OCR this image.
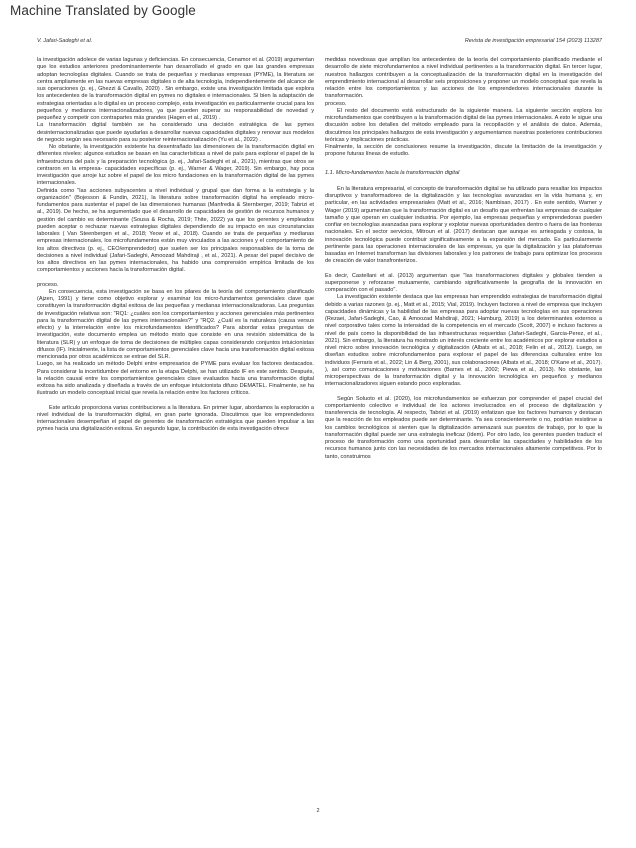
Machine Translated by Google
V. Jafari-Sadeghi et al.	Revista de investigación empresarial 154 (2023) 113287

la investigación adolece de varias lagunas y deficiencias. En consecuencia, Cenamor et al. (2019) argumentan que los estudios anteriores predominantemente han desarrollado el grado en que las grandes empresas adoptan tecnologías digitales. Cuando se trata de pequeñas y medianas empresas (PYME), la literatura se centra ampliamente en las nuevas empresas digitales o de alta tecnología, independientemente del alcance de sus operaciones (p. ej., Ghezzi & Cavallo, 2020) . Sin embargo, existe una investigación limitada que explora los antecedentes de la transformación digital en pymes no digitales e internacionales. Si bien la adaptación de estrategias orientadas a lo digital es un proceso complejo, esta investigación es particularmente crucial para los pequeños y medianos internacionalizadores, ya que pueden superar su responsabilidad de novedad y pequeñez y competir con contrapartes más grandes (Hagen et al., 2019) .

La transformación digital también se ha considerado una decisión estratégica de las pymes desinternacionalizadas que puede ayudarlas a desarrollar nuevas capacidades digitales y renovar sus modelos de negocio según sea necesario para su posterior reinternacionalización (Yu et al., 2022) .

No obstante, la investigación existente ha desentrañado las dimensiones de la transformación digital en diferentes niveles: algunos estudios se basan en las características a nivel de país para explorar el papel de la infraestructura del país y la preparación tecnológica (p. ej., Jafari-Sadeghi et al., 2021), mientras que otros se centraron en la empresa- capacidades específicas (p. ej., Warner & Wager, 2019). Sin embargo, hay poca investigación que arroje luz sobre el papel de los micro fundaciones en la transformación digital de las pymes internacionales.

Definida como "las acciones subyacentes a nivel individual y grupal que dan forma a la estrategia y la organización" (Bojesson & Fundin, 2021), la literatura sobre transformación digital ha empleado micro-fundamentos para sustentar el papel de las dimensiones humanas (Manfredia & Sternberger, 2019; Tabrizi et al., 2019). De hecho, se ha argumentado que el desarrollo de capacidades de gestión de recursos humanos y gestión del cambio es determinante (Sousa & Rocha, 2019; Thite, 2022) ya que los gerentes y empleados pueden aceptar o rechazar nuevas estrategias digitales dependiendo de su impacto en sus circunstancias laborales ( Van Steenbergen et al., 2018; Yeow et al., 2018). Cuando se trata de pequeñas y medianas empresas internacionales, los microfundamentos están muy vinculados a las acciones y el comportamiento de los altos directivos (p. ej., CEO/emprendedor) que suelen ser los principales responsables de la toma de decisiones a nivel individual (Jafari-Sadeghi, Amoozad Mahdiraji , et al., 2021). A pesar del papel decisivo de los altos directivos en las pymes internacionales, ha habido una comprensión empírica limitada de los comportamientos y acciones hacia la transformación digital.

proceso.

En consecuencia, esta investigación se basa en los pilares de la teoría del comportamiento planificado (Ajzen, 1991) y tiene como objetivo explorar y examinar los micro-fundamentos gerenciales clave que constituyen la transformación digital exitosa de las pequeñas y medianas internacionalizadoras. Las preguntas de investigación relativas son: "RQ1: ¿cuáles son los comportamientos y acciones gerenciales más pertinentes para la transformación digital de las pymes internacionales?" y "RQ2. ¿Cuál es la naturaleza (causa versus efecto) y la interrelación entre los microfundamentos identificados? Para abordar estas preguntas de investigación, este documento emplea un método mixto que consiste en una revisión sistemática de la literatura (SLR) y un enfoque de toma de decisiones de múltiples capas considerando conjuntos intuicionistas difusos (IF). Inicialmente, la lista de comportamientos gerenciales clave hacia una transformación digital exitosa mencionada por otros académicos se extrae del SLR.

Luego, se ha realizado un método Delphi entre empresarios de PYME para evaluar los factores destacados. Para considerar la incertidumbre del entorno en la etapa Delphi, se han utilizado IF en este sentido. Después, la relación causal entre los comportamientos gerenciales clave evaluados hacia una transformación digital exitosa ha sido analizada y diseñada a través de un enfoque intuicionista difuso DEMATEL. Finalmente, se ha ilustrado un modelo conceptual inicial que revela la relación entre los factores críticos.

Este artículo proporciona varias contribuciones a la literatura. En primer lugar, abordamos la exploración a nivel individual de la transformación digital, en gran parte ignorada. Discutimos que los emprendedores internacionales desempeñan el papel de gerentes de transformación estratégica que pueden impulsar a las pymes hacia una digitalización exitosa. En segundo lugar, la contribución de esta investigación ofrece

medidas novedosas que amplían los antecedentes de la teoría del comportamiento planificado mediante el desarrollo de siete microfundamentos a nivel individual pertinentes a la transformación digital. En tercer lugar, nuestros hallazgos contribuyen a la conceptualización de la transformación digital en la investigación del emprendimiento internacional al desarrollar seis proposiciones y proponer un modelo conceptual que revela la relación entre los comportamientos y las acciones de los emprendedores internacionales durante la transformación.

proceso.

El resto del documento está estructurado de la siguiente manera. La siguiente sección explora los microfundamentos que contribuyen a la transformación digital de las pymes internacionales. A esto le sigue una discusión sobre los detalles del método empleado para la recopilación y el análisis de datos. Además, discutimos los principales hallazgos de esta investigación y argumentamos nuestras posteriores contribuciones teóricas y implicaciones prácticas.

Finalmente, la sección de conclusiones resume la investigación, discute la limitación de la investigación y propone futuras líneas de estudio.

1.1. Micro-fundamentos hacia la transformación digital

En la literatura empresarial, el concepto de transformación digital se ha utilizado para resaltar los impactos disruptivos y transformadores de la digitalización y las tecnologías avanzadas en la vida humana y, en particular, en las actividades empresariales (Matt et al., 2016; Nambisan, 2017) . En este sentido, Warner y Wager (2019) argumentan que la transformación digital es un desafío que enfrentan las empresas de cualquier tamaño y que operan en cualquier industria. Por ejemplo, las empresas pequeñas y emprendedoras pueden confiar en tecnologías avanzadas para explorar y explotar nuevas oportunidades dentro o fuera de las fronteras nacionales. En el sector servicios, Mitroun et al. (2017) destacan que aunque es arriesgada y costosa, la innovación tecnológica puede contribuir significativamente a la expansión del mercado. Es particularmente pertinente para las operaciones internacionales de las empresas, ya que la digitalización y las plataformas basadas en Internet transforman las divisiones laborales y los patrones de trabajo para optimizar los procesos de creación de valor transfronterizos.

Es decir, Castellani et al. (2013) argumentan que "las transformaciones digitales y globales tienden a superponerse y reforzarse mutuamente, cambiando significativamente la geografía de la innovación en comparación con el pasado".

La investigación existente destaca que las empresas han emprendido estrategias de transformación digital debido a varias razones (p. ej., Matt et al., 2015; Vial, 2019). Incluyen factores a nivel de empresa que incluyen capacidades dinámicas y la habilidad de las empresas para adoptar nuevas tecnologías en sus operaciones (Rezaei, Jafari-Sadeghi, Cao, & Amoozad Mahdiraji, 2021; Hamburg, 2019) a los determinantes externos a nivel corporativo tales como la intensidad de la competencia en el mercado (Scott, 2007) e incluso factores a nivel de país como la disponibilidad de las infraestructuras requeridas (Jafari-Sadeghi, Garcia-Perez, et al., 2021). Sin embargo, la literatura ha mostrado un interés creciente entre los académicos por explorar estudios a nivel micro sobre innovación tecnológica y digitalización (Albats et al., 2018; Felin et al., 2012). Luego, se diseñan estudios sobre microfundamentos para explorar el papel de las diferencias culturales entre los individuos (Ferraris et al., 2022; Lin & Berg, 2001), sus colaboraciones (Albats et al., 2018; O'Kane et al., 2017). ), así como comunicaciones y motivaciones (Barnes et al., 2002; Piewa et al., 2013). No obstante, las microperspectivas de la transformación digital y la innovación tecnológica en pequeños y medianos internacionalizadores siguen estando poco exploradas.

Según Soluoto et al. (2020), los microfundamentos se esfuerzan por comprender el papel crucial del comportamiento colectivo e individual de los actores involucrados en el proceso de digitalización y transferencia de tecnología. Al respecto, Tabrizi et al. (2019) enfatizan que los factores humanos y destacan que la reacción de los empleados puede ser determinante. Ya sea conscientemente o no, podrían resistirse a los cambios tecnológicos si sienten que la digitalización amenazará sus puestos de trabajo, por lo que la transformación digital puede ser una estrategia ineficaz (ídem). Por otro lado, los gerentes pueden traducir el proceso de transformación como una oportunidad para desarrollar las capacidades y habilidades de los recursos humanos junto con las necesidades de los mercados internacionales altamente competitivos. Por lo tanto, construimos

2
